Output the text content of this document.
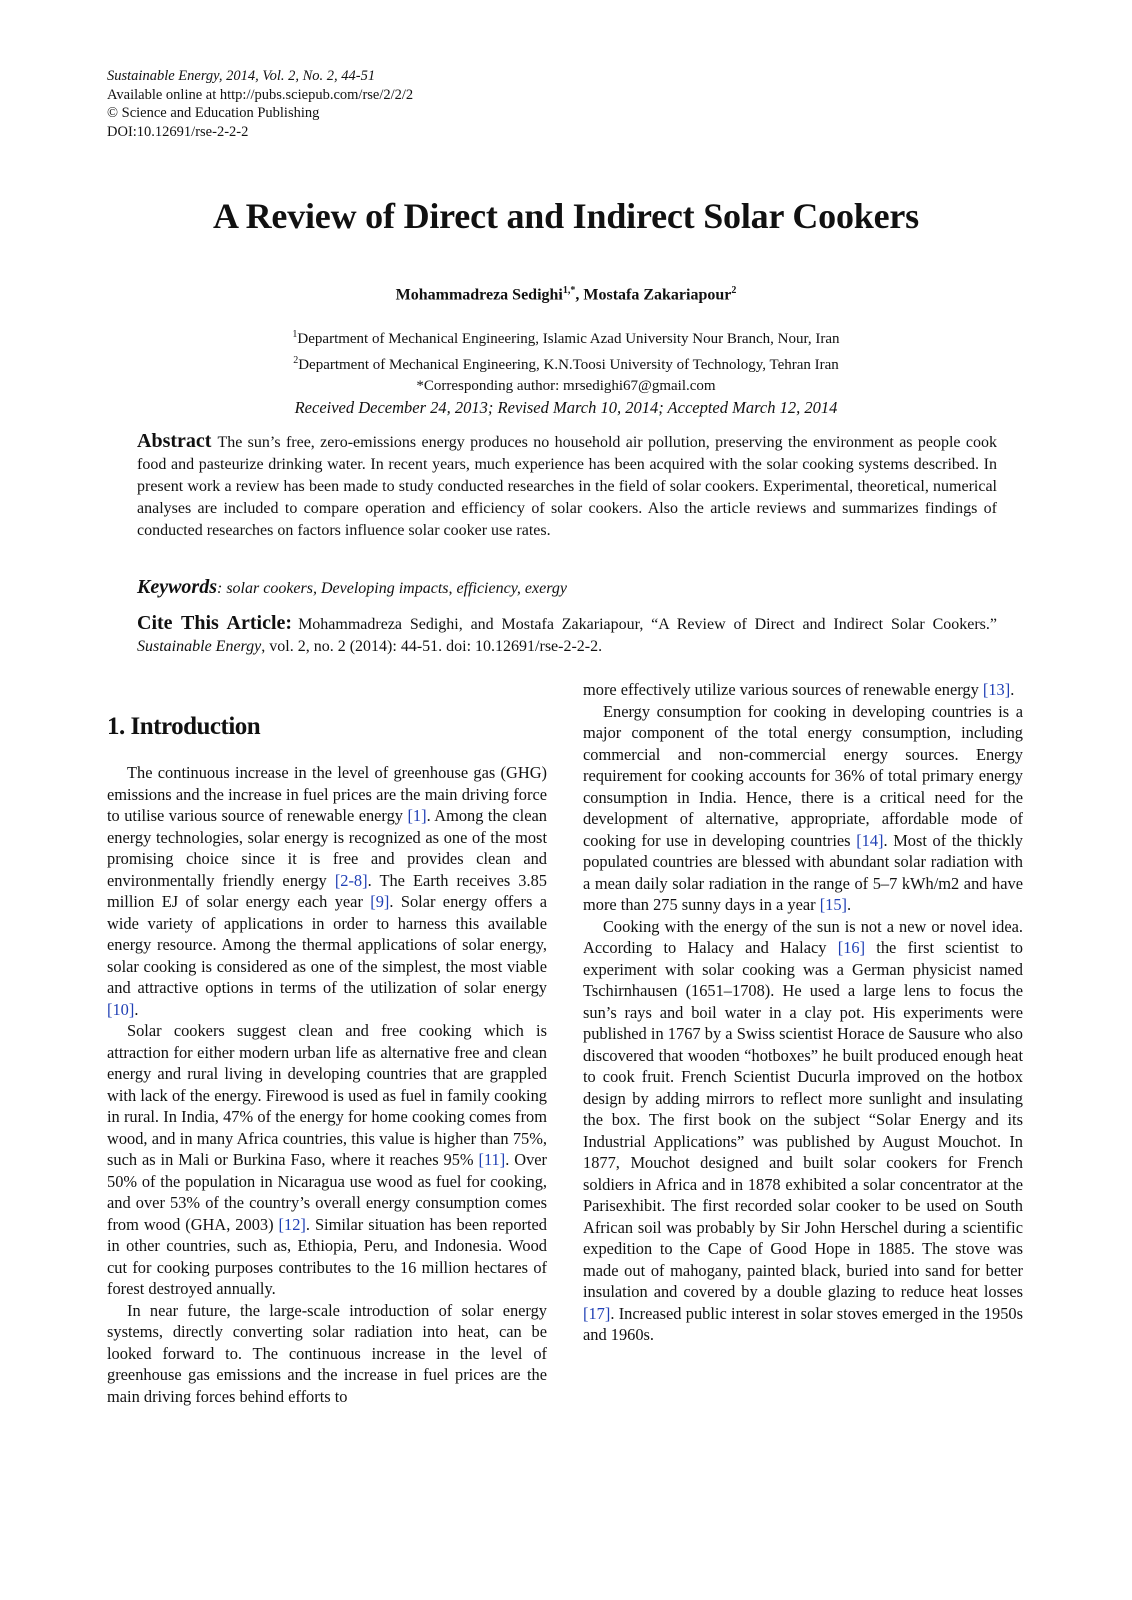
Sustainable Energy, 2014, Vol. 2, No. 2, 44-51
Available online at http://pubs.sciepub.com/rse/2/2/2
© Science and Education Publishing
DOI:10.12691/rse-2-2-2
A Review of Direct and Indirect Solar Cookers
Mohammadreza Sedighi$^{1,*}$, Mostafa Zakariapour$^2$
$^1$Department of Mechanical Engineering, Islamic Azad University Nour Branch, Nour, Iran
$^2$Department of Mechanical Engineering, K.N.Toosi University of Technology, Tehran Iran
*Corresponding author: mrsedighi67@gmail.com
Received December 24, 2013; Revised March 10, 2014; Accepted March 12, 2014
Abstract The sun’s free, zero-emissions energy produces no household air pollution, preserving the environment as people cook food and pasteurize drinking water. In recent years, much experience has been acquired with the solar cooking systems described. In present work a review has been made to study conducted researches in the field of solar cookers. Experimental, theoretical, numerical analyses are included to compare operation and efficiency of solar cookers. Also the article reviews and summarizes findings of conducted researches on factors influence solar cooker use rates.
Keywords: solar cookers, Developing impacts, efficiency, exergy
Cite This Article: Mohammadreza Sedighi, and Mostafa Zakariapour, “A Review of Direct and Indirect Solar Cookers.” Sustainable Energy, vol. 2, no. 2 (2014): 44-51. doi: 10.12691/rse-2-2-2.
1. Introduction

The continuous increase in the level of greenhouse gas (GHG) emissions and the increase in fuel prices are the main driving force to utilise various source of renewable energy [1]. Among the clean energy technologies, solar energy is recognized as one of the most promising choice since it is free and provides clean and environmentally friendly energy [2-8]. The Earth receives 3.85 million EJ of solar energy each year [9]. Solar energy offers a wide variety of applications in order to harness this available energy resource. Among the thermal applications of solar energy, solar cooking is considered as one of the simplest, the most viable and attractive options in terms of the utilization of solar energy [10].

Solar cookers suggest clean and free cooking which is attraction for either modern urban life as alternative free and clean energy and rural living in developing countries that are grappled with lack of the energy. Firewood is used as fuel in family cooking in rural. In India, 47% of the energy for home cooking comes from wood, and in many Africa countries, this value is higher than 75%, such as in Mali or Burkina Faso, where it reaches 95% [11]. Over 50% of the population in Nicaragua use wood as fuel for cooking, and over 53% of the country’s overall energy consumption comes from wood (GHA, 2003) [12]. Similar situation has been reported in other countries, such as, Ethiopia, Peru, and Indonesia. Wood cut for cooking purposes contributes to the 16 million hectares of forest destroyed annually.

In near future, the large-scale introduction of solar energy systems, directly converting solar radiation into heat, can be looked forward to. The continuous increase in the level of greenhouse gas emissions and the increase in fuel prices are the main driving forces behind efforts to

more effectively utilize various sources of renewable energy [13].

Energy consumption for cooking in developing countries is a major component of the total energy consumption, including commercial and non-commercial energy sources. Energy requirement for cooking accounts for 36% of total primary energy consumption in India. Hence, there is a critical need for the development of alternative, appropriate, affordable mode of cooking for use in developing countries [14]. Most of the thickly populated countries are blessed with abundant solar radiation with a mean daily solar radiation in the range of 5–7 kWh/m2 and have more than 275 sunny days in a year [15].

Cooking with the energy of the sun is not a new or novel idea. According to Halacy and Halacy [16] the first scientist to experiment with solar cooking was a German physicist named Tschirnhausen (1651–1708). He used a large lens to focus the sun’s rays and boil water in a clay pot. His experiments were published in 1767 by a Swiss scientist Horace de Sausure who also discovered that wooden “hotboxes” he built produced enough heat to cook fruit. French Scientist Ducurla improved on the hotbox design by adding mirrors to reflect more sunlight and insulating the box. The first book on the subject “Solar Energy and its Industrial Applications” was published by August Mouchot. In 1877, Mouchot designed and built solar cookers for French soldiers in Africa and in 1878 exhibited a solar concentrator at the Parisexhibit. The first recorded solar cooker to be used on South African soil was probably by Sir John Herschel during a scientific expedition to the Cape of Good Hope in 1885. The stove was made out of mahogany, painted black, buried into sand for better insulation and covered by a double glazing to reduce heat losses [17]. Increased public interest in solar stoves emerged in the 1950s and 1960s.
